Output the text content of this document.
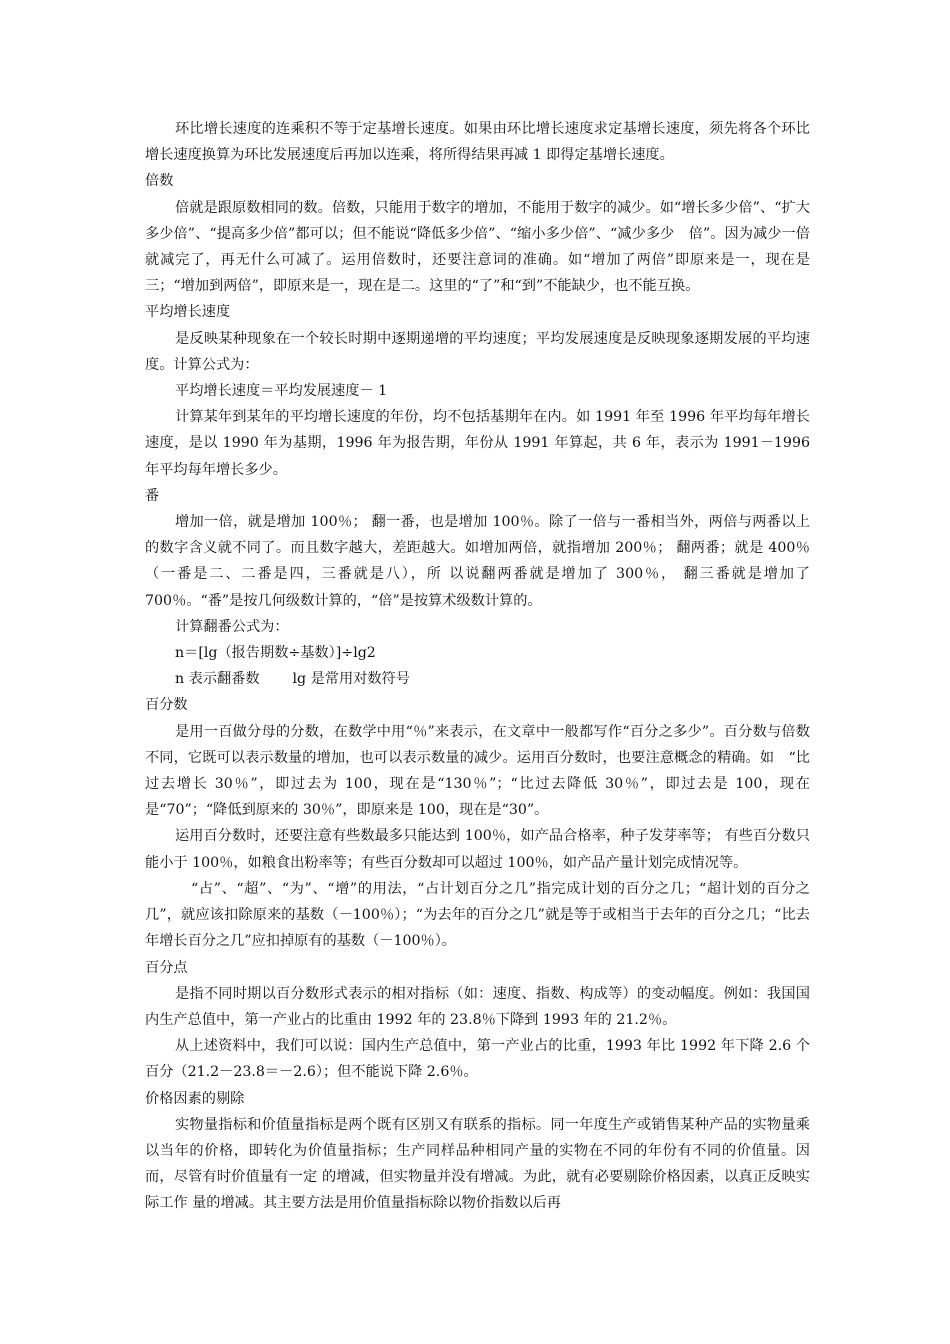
环比增长速度的连乘积不等于定基增长速度。如果由环比增长速度求定基增长速度，须先将各个环比增长速度换算为环比发展速度后再加以连乘，将所得结果再减 1 即得定基增长速度。

倍数

倍就是跟原数相同的数。倍数，只能用于数字的增加，不能用于数字的减少。如“增长多少倍”、“扩大多少倍”、“提高多少倍”都可以；但不能说“降低多少倍”、“缩小多少倍”、“减少多少　倍”。因为减少一倍就减完了，再无什么可减了。运用倍数时，还要注意词的准确。如“增加了两倍”即原来是一，现在是三；“增加到两倍”，即原来是一，现在是二。这里的“了”和“到”不能缺少，也不能互换。

平均增长速度

是反映某种现象在一个较长时期中逐期递增的平均速度；平均发展速度是反映现象逐期发展的平均速度。计算公式为：

平均增长速度＝平均发展速度－ 1

计算某年到某年的平均增长速度的年份，均不包括基期年在内。如 1991 年至 1996 年平均每年增长速度，是以 1990 年为基期，1996 年为报告期，年份从 1991 年算起，共 6 年，表示为 1991－1996 年平均每年增长多少。

番

增加一倍，就是增加 100％； 翻一番，也是增加 100％。除了一倍与一番相当外，两倍与两番以上的数字含义就不同了。而且数字越大，差距越大。如增加两倍，就指增加 200％； 翻两番；就是 400％（一番是二、二番是四，三番就是八），所 以说翻两番就是增加了 300％， 翻三番就是增加了 700％。“番”是按几何级数计算的，“倍”是按算术级数计算的。

计算翻番公式为：

n＝[lg（报告期数÷基数）]÷lg2

n 表示翻番数　　 lg 是常用对数符号

百分数

是用一百做分母的分数，在数学中用“％”来表示，在文章中一般都写作“百分之多少”。百分数与倍数不同，它既可以表示数量的增加，也可以表示数量的减少。运用百分数时，也要注意概念的精确。如　“比过去增长 30％”，即过去为 100，现在是“130％”；“比过去降低 30％”，即过去是 100，现在是“70”；“降低到原来的 30％”，即原来是 100，现在是“30”。

运用百分数时，还要注意有些数最多只能达到 100％，如产品合格率，种子发芽率等； 有些百分数只能小于 100％，如粮食出粉率等；有些百分数却可以超过 100％，如产品产量计划完成情况等。

“占”、“超”、“为”、“增”的用法，“占计划百分之几”指完成计划的百分之几；“超计划的百分之几”，就应该扣除原来的基数（－100％）；“为去年的百分之几”就是等于或相当于去年的百分之几；“比去年增长百分之几”应扣掉原有的基数（－100％）。

百分点

是指不同时期以百分数形式表示的相对指标（如：速度、指数、构成等）的变动幅度。例如：我国国内生产总值中，第一产业占的比重由 1992 年的 23.8％下降到 1993 年的 21.2％。

从上述资料中，我们可以说：国内生产总值中，第一产业占的比重，1993 年比 1992 年下降 2.6 个百分（21.2－23.8＝－2.6）；但不能说下降 2.6％。

价格因素的剔除

实物量指标和价值量指标是两个既有区别又有联系的指标。同一年度生产或销售某种产品的实物量乘以当年的价格，即转化为价值量指标；生产同样品种相同产量的实物在不同的年份有不同的价值量。因而，尽管有时价值量有一定 的增减，但实物量并没有增减。为此，就有必要剔除价格因素，以真正反映实际工作 量的增减。其主要方法是用价值量指标除以物价指数以后再
